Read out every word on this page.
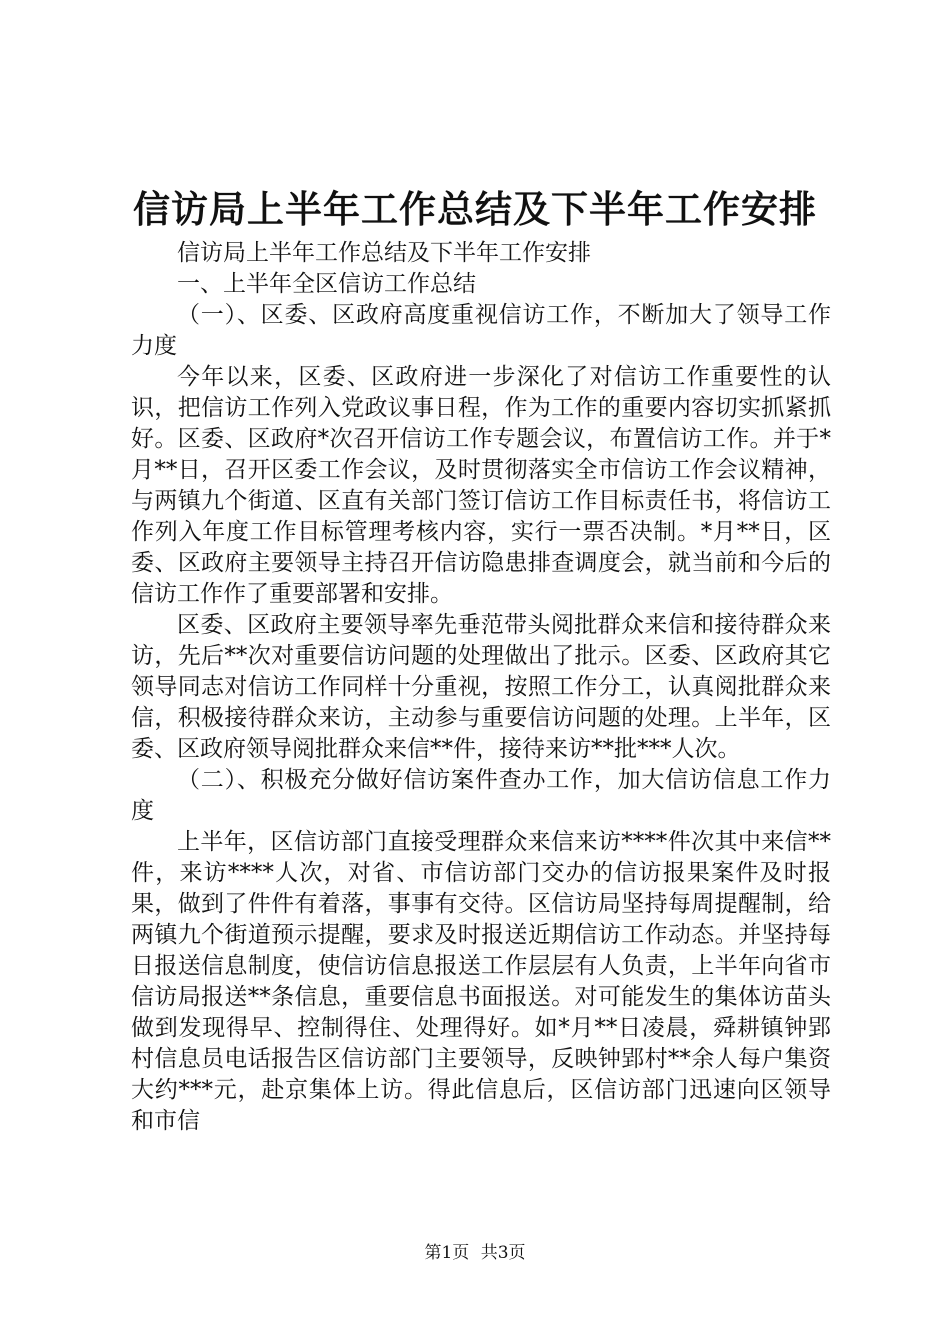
信访局上半年工作总结及下半年工作安排

信访局上半年工作总结及下半年工作安排

一、上半年全区信访工作总结

（一）、区委、区政府高度重视信访工作，不断加大了领导工作力度

今年以来，区委、区政府进一步深化了对信访工作重要性的认识，把信访工作列入党政议事日程，作为工作的重要内容切实抓紧抓好。区委、区政府*次召开信访工作专题会议，布置信访工作。并于*月**日，召开区委工作会议，及时贯彻落实全市信访工作会议精神，与两镇九个街道、区直有关部门签订信访工作目标责任书，将信访工作列入年度工作目标管理考核内容，实行一票否决制。*月**日，区委、区政府主要领导主持召开信访隐患排查调度会，就当前和今后的信访工作作了重要部署和安排。

区委、区政府主要领导率先垂范带头阅批群众来信和接待群众来访，先后**次对重要信访问题的处理做出了批示。区委、区政府其它领导同志对信访工作同样十分重视，按照工作分工，认真阅批群众来信，积极接待群众来访，主动参与重要信访问题的处理。上半年，区委、区政府领导阅批群众来信**件，接待来访**批***人次。

（二）、积极充分做好信访案件查办工作，加大信访信息工作力度

上半年，区信访部门直接受理群众来信来访****件次其中来信**件，来访****人次，对省、市信访部门交办的信访报果案件及时报果，做到了件件有着落，事事有交待。区信访局坚持每周提醒制，给两镇九个街道预示提醒，要求及时报送近期信访工作动态。并坚持每日报送信息制度，使信访信息报送工作层层有人负责，上半年向省市信访局报送**条信息，重要信息书面报送。对可能发生的集体访苗头做到发现得早、控制得住、处理得好。如*月**日凌晨，舜耕镇钟郢村信息员电话报告区信访部门主要领导，反映钟郢村**余人每户集资大约***元，赴京集体上访。得此信息后，区信访部门迅速向区领导和市信

第1页 共3页
